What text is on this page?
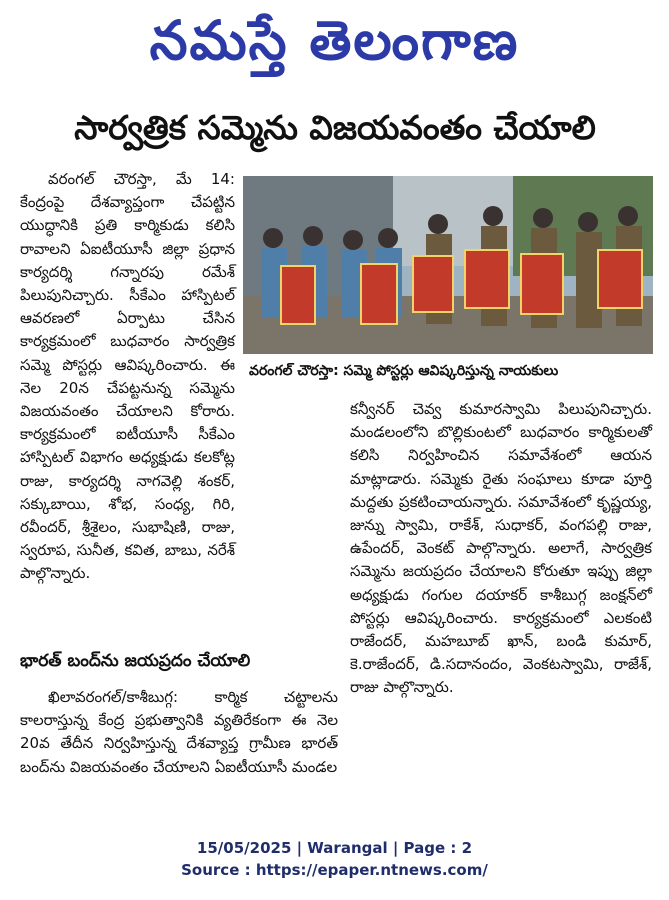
నమస్తే తెలంగాణ
సార్వత్రిక సమ్మెను విజయవంతం చేయాలి

వరంగల్ చౌరస్తా, మే 14: కేంద్రంపై దేశవ్యాప్తంగా చేపట్టిన యుద్ధానికి ప్రతి కార్మికుడు కలిసి రావాలని ఏఐటీయూసీ జిల్లా ప్రధాన కార్యదర్శి గన్నారపు రమేశ్ పిలుపునిచ్చారు. సీకేఎం హాస్పిటల్ ఆవరణలో ఏర్పాటు చేసిన కార్యక్రమంలో బుధవారం సార్వత్రిక సమ్మె పోస్టర్లు ఆవిష్కరించారు. ఈ నెల 20న చేపట్టనున్న సమ్మెను విజయవంతం చేయాలని కోరారు. కార్యక్రమంలో ఐటీయూసీ సీకేఎం హాస్పిటల్ విభాగం అధ్యక్షుడు కలకోట్ల రాజు, కార్యదర్శి నాగవెల్లి శంకర్, సక్కుబాయి, శోభ, సంధ్య, గిరి, రవీందర్, శ్రీశైలం, సుభాషిణి, రాజు, స్వరూప, సునీత, కవిత, బాబు, నరేశ్ పాల్గొన్నారు.

వరంగల్ చౌరస్తా: సమ్మె పోస్టర్లు ఆవిష్కరిస్తున్న నాయకులు
భారత్ బంద్‌ను జయప్రదం చేయాలి

ఖిలావరంగల్/కాశీబుగ్గ: కార్మిక చట్టాలను కాలరాస్తున్న కేంద్ర ప్రభుత్వానికి వ్యతిరేకంగా ఈ నెల 20వ తేదీన నిర్వహిస్తున్న దేశవ్యాప్త గ్రామీణ భారత్ బంద్‌ను విజయవంతం చేయాలని ఏఐటీయూసీ మండల

కన్వీనర్ చెవ్వ కుమారస్వామి పిలుపునిచ్చారు. మండలంలోని బొల్లికుంటలో బుధవారం కార్మికులతో కలిసి నిర్వహించిన సమావేశంలో ఆయన మాట్లాడారు. సమ్మెకు రైతు సంఘాలు కూడా పూర్తి మద్దతు ప్రకటించాయన్నారు. సమావేశంలో కృష్ణయ్య, జున్ను స్వామి, రాకేశ్, సుధాకర్, వంగపల్లి రాజు, ఉపేందర్, వెంకట్ పాల్గొన్నారు. అలాగే, సార్వత్రిక సమ్మెను జయప్రదం చేయాలని కోరుతూ ఇప్పు జిల్లా అధ్యక్షుడు గంగుల దయాకర్ కాశీబుగ్గ జంక్షన్‌లో పోస్టర్లు ఆవిష్కరించారు. కార్యక్రమంలో ఎలకంటి రాజేందర్, మహబూబ్ ఖాన్, బండి కుమార్, కె.రాజేందర్, డి.సదానందం, వెంకటస్వామి, రాజేశ్, రాజు పాల్గొన్నారు.

15/05/2025 | Warangal | Page : 2
Source : https://epaper.ntnews.com/
